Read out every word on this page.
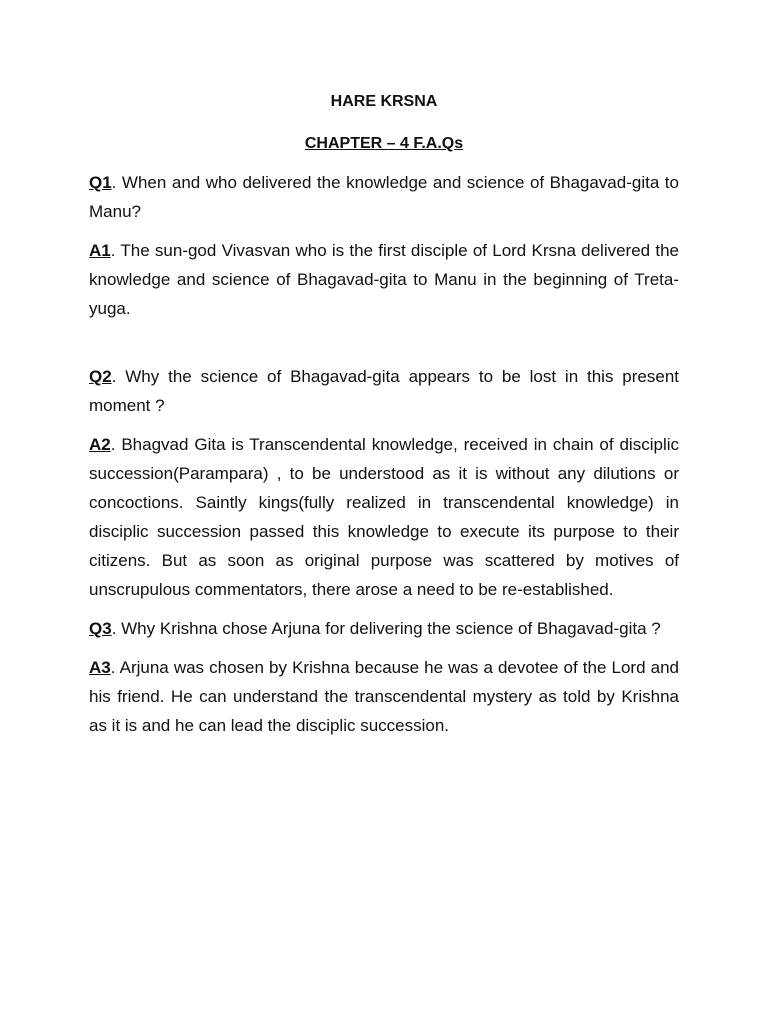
HARE KRSNA

CHAPTER – 4 F.A.Qs

Q1. When and who delivered the knowledge and science of Bhagavad-gita to Manu?

A1. The sun-god Vivasvan who is the first disciple of Lord Krsna delivered the knowledge and science of Bhagavad-gita to Manu in the beginning of Treta-yuga.

Q2. Why the science of Bhagavad-gita appears to be lost in this present moment ?

A2. Bhagvad Gita is Transcendental knowledge, received in chain of disciplic succession(Parampara) , to be understood as it is without any dilutions or concoctions. Saintly kings(fully realized in transcendental knowledge) in disciplic succession passed this knowledge to execute its purpose to their citizens. But as soon as original purpose was scattered by motives of unscrupulous commentators, there arose a need to be re-established.

Q3. Why Krishna chose Arjuna for delivering the science of Bhagavad-gita ?

A3. Arjuna was chosen by Krishna because he was a devotee of the Lord and his friend. He can understand the transcendental mystery as told by Krishna as it is and he can lead the disciplic succession.
